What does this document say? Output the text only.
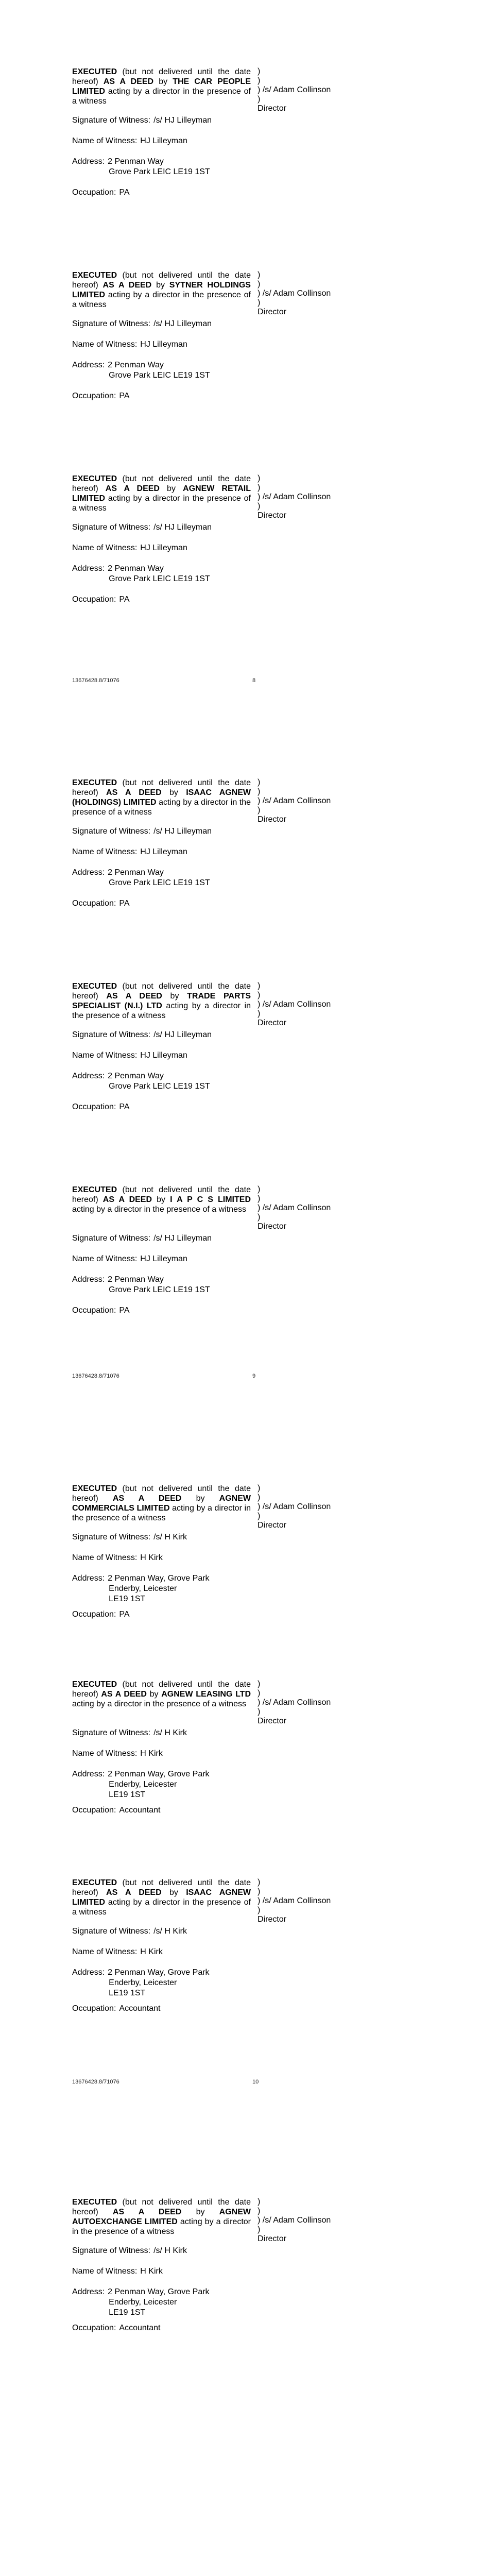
EXECUTED (but not delivered until the date hereof) AS A DEED by THE CAR PEOPLE LIMITED acting by a director in the presence of a witness
)
)
) /s/ Adam Collinson
)
Director
Signature of Witness: /s/ HJ Lilleyman
Name of Witness: HJ Lilleyman
Address: 2 Penman Way
Grove Park LEIC LE19 1ST
Occupation: PA
EXECUTED (but not delivered until the date hereof) AS A DEED by SYTNER HOLDINGS LIMITED acting by a director in the presence of a witness
)
)
) /s/ Adam Collinson
)
Director
Signature of Witness: /s/ HJ Lilleyman
Name of Witness: HJ Lilleyman
Address: 2 Penman Way
Grove Park LEIC LE19 1ST
Occupation: PA
EXECUTED (but not delivered until the date hereof) AS A DEED by AGNEW RETAIL LIMITED acting by a director in the presence of a witness
)
)
) /s/ Adam Collinson
)
Director
Signature of Witness: /s/ HJ Lilleyman
Name of Witness: HJ Lilleyman
Address: 2 Penman Way
Grove Park LEIC LE19 1ST
Occupation: PA
13676428.8/71076	8
EXECUTED (but not delivered until the date hereof) AS A DEED by ISAAC AGNEW (HOLDINGS) LIMITED acting by a director in the presence of a witness
)
)
) /s/ Adam Collinson
)
Director
Signature of Witness: /s/ HJ Lilleyman
Name of Witness: HJ Lilleyman
Address: 2 Penman Way
Grove Park LEIC LE19 1ST
Occupation: PA
EXECUTED (but not delivered until the date hereof) AS A DEED by TRADE PARTS SPECIALIST (N.I.) LTD acting by a director in the presence of a witness
)
)
) /s/ Adam Collinson
)
Director
Signature of Witness: /s/ HJ Lilleyman
Name of Witness: HJ Lilleyman
Address: 2 Penman Way
Grove Park LEIC LE19 1ST
Occupation: PA
EXECUTED (but not delivered until the date hereof) AS A DEED by I A P C S LIMITED acting by a director in the presence of a witness
)
)
) /s/ Adam Collinson
)
Director
Signature of Witness: /s/ HJ Lilleyman
Name of Witness: HJ Lilleyman
Address: 2 Penman Way
Grove Park LEIC LE19 1ST
Occupation: PA
13676428.8/71076	9
EXECUTED (but not delivered until the date hereof) AS A DEED by AGNEW COMMERCIALS LIMITED acting by a director in the presence of a witness
)
)
) /s/ Adam Collinson
)
Director
Signature of Witness: /s/ H Kirk
Name of Witness: H Kirk
Address: 2 Penman Way, Grove Park
Enderby, Leicester
LE19 1ST
Occupation: PA
EXECUTED (but not delivered until the date hereof) AS A DEED by AGNEW LEASING LTD acting by a director in the presence of a witness
)
)
) /s/ Adam Collinson
)
Director
Signature of Witness: /s/ H Kirk
Name of Witness: H Kirk
Address: 2 Penman Way, Grove Park
Enderby, Leicester
LE19 1ST
Occupation: Accountant
EXECUTED (but not delivered until the date hereof) AS A DEED by ISAAC AGNEW LIMITED acting by a director in the presence of a witness
)
)
) /s/ Adam Collinson
)
Director
Signature of Witness: /s/ H Kirk
Name of Witness: H Kirk
Address: 2 Penman Way, Grove Park
Enderby, Leicester
LE19 1ST
Occupation: Accountant
13676428.8/71076	10
EXECUTED (but not delivered until the date hereof) AS A DEED by AGNEW AUTOEXCHANGE LIMITED acting by a director in the presence of a witness
)
)
) /s/ Adam Collinson
)
Director
Signature of Witness: /s/ H Kirk
Name of Witness: H Kirk
Address: 2 Penman Way, Grove Park
Enderby, Leicester
LE19 1ST
Occupation: Accountant
